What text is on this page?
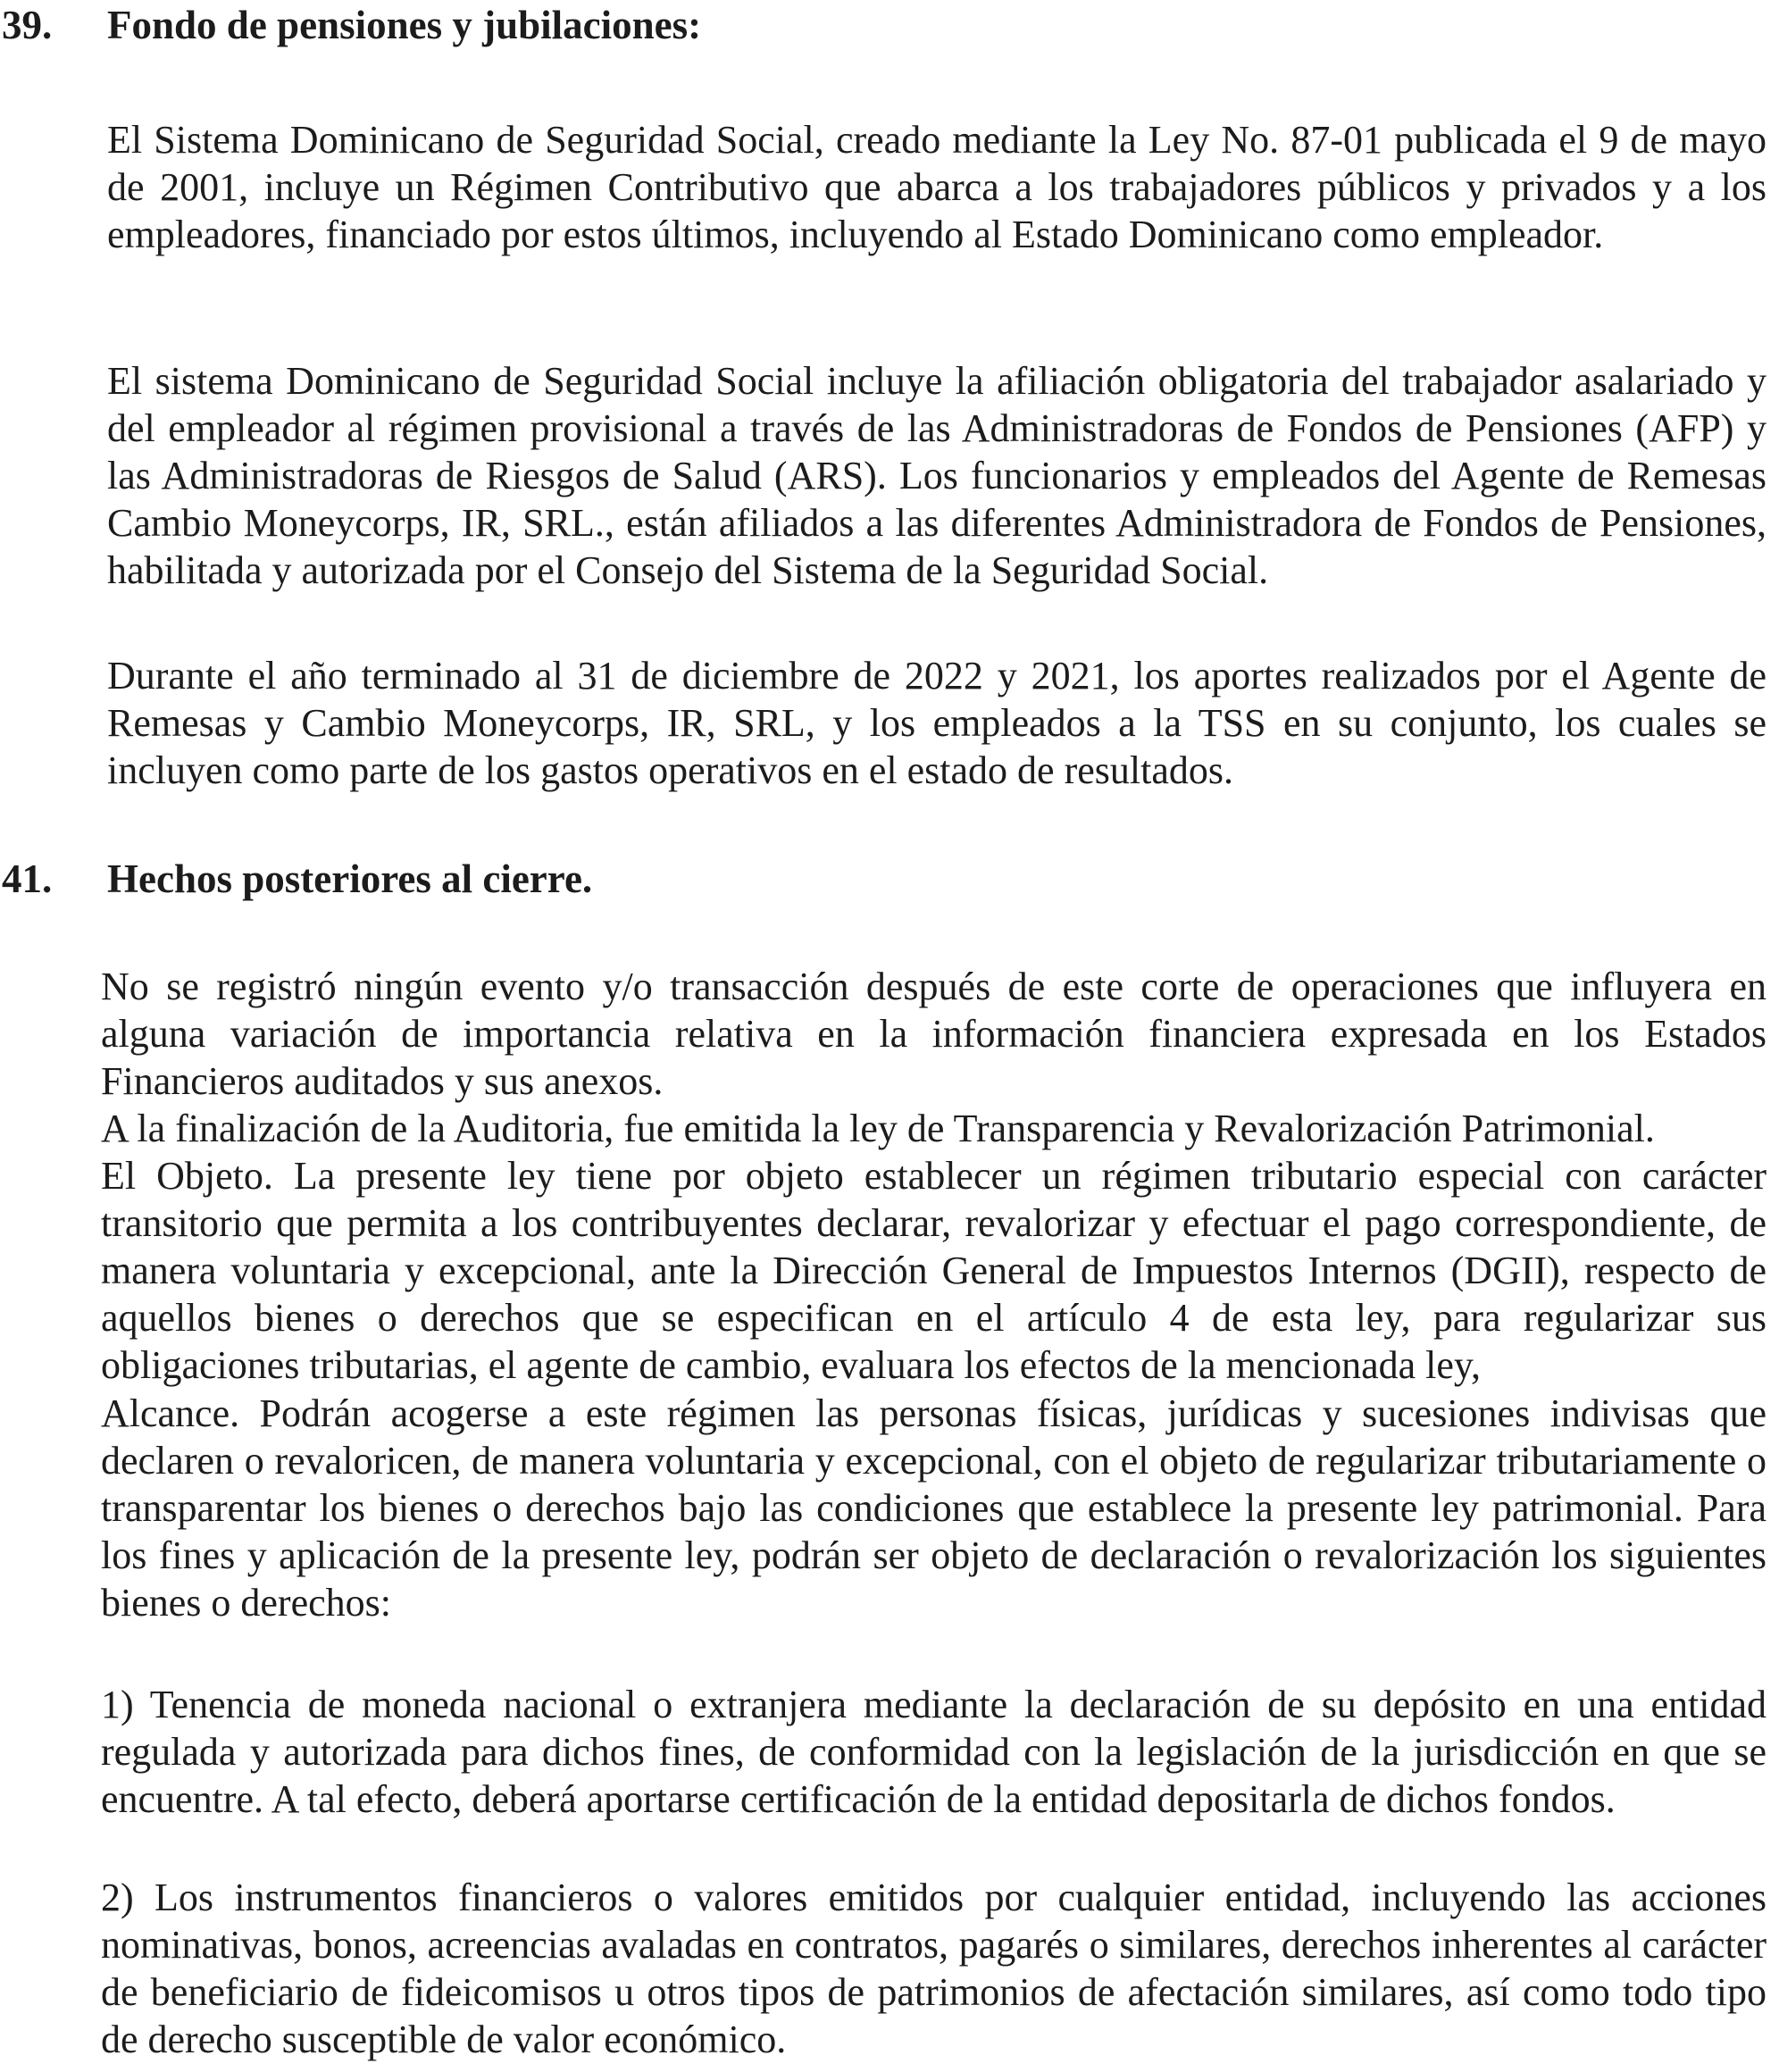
39. Fondo de pensiones y jubilaciones:

El Sistema Dominicano de Seguridad Social, creado mediante la Ley No. 87-01 publicada el 9 de mayo de 2001, incluye un Régimen Contributivo que abarca a los trabajadores públicos y privados y a los empleadores, financiado por estos últimos, incluyendo al Estado Dominicano como empleador.

El sistema Dominicano de Seguridad Social incluye la afiliación obligatoria del trabajador asalariado y del empleador al régimen provisional a través de las Administradoras de Fondos de Pensiones (AFP) y las Administradoras de Riesgos de Salud (ARS). Los funcionarios y empleados del Agente de Remesas Cambio Moneycorps, IR, SRL., están afiliados a las diferentes Administradora de Fondos de Pensiones, habilitada y autorizada por el Consejo del Sistema de la Seguridad Social.

Durante el año terminado al 31 de diciembre de 2022 y 2021, los aportes realizados por el Agente de Remesas y Cambio Moneycorps, IR, SRL, y los empleados a la TSS en su conjunto, los cuales se incluyen como parte de los gastos operativos en el estado de resultados.

41. Hechos posteriores al cierre.

No se registró ningún evento y/o transacción después de este corte de operaciones que influyera en alguna variación de importancia relativa en la información financiera expresada en los Estados Financieros auditados y sus anexos.

A la finalización de la Auditoria, fue emitida la ley de Transparencia y Revalorización Patrimonial.

El Objeto. La presente ley tiene por objeto establecer un régimen tributario especial con carácter transitorio que permita a los contribuyentes declarar, revalorizar y efectuar el pago correspondiente, de manera voluntaria y excepcional, ante la Dirección General de Impuestos Internos (DGII), respecto de aquellos bienes o derechos que se especifican en el artículo 4 de esta ley, para regularizar sus obligaciones tributarias, el agente de cambio, evaluara los efectos de la mencionada ley,

Alcance. Podrán acogerse a este régimen las personas físicas, jurídicas y sucesiones indivisas que declaren o revaloricen, de manera voluntaria y excepcional, con el objeto de regularizar tributariamente o transparentar los bienes o derechos bajo las condiciones que establece la presente ley patrimonial. Para los fines y aplicación de la presente ley, podrán ser objeto de declaración o revalorización los siguientes bienes o derechos:

1) Tenencia de moneda nacional o extranjera mediante la declaración de su depósito en una entidad regulada y autorizada para dichos fines, de conformidad con la legislación de la jurisdicción en que se encuentre. A tal efecto, deberá aportarse certificación de la entidad depositarla de dichos fondos.

2) Los instrumentos financieros o valores emitidos por cualquier entidad, incluyendo las acciones nominativas, bonos, acreencias avaladas en contratos, pagarés o similares, derechos inherentes al carácter de beneficiario de fideicomisos u otros tipos de patrimonios de afectación similares, así como todo tipo de derecho susceptible de valor económico.
